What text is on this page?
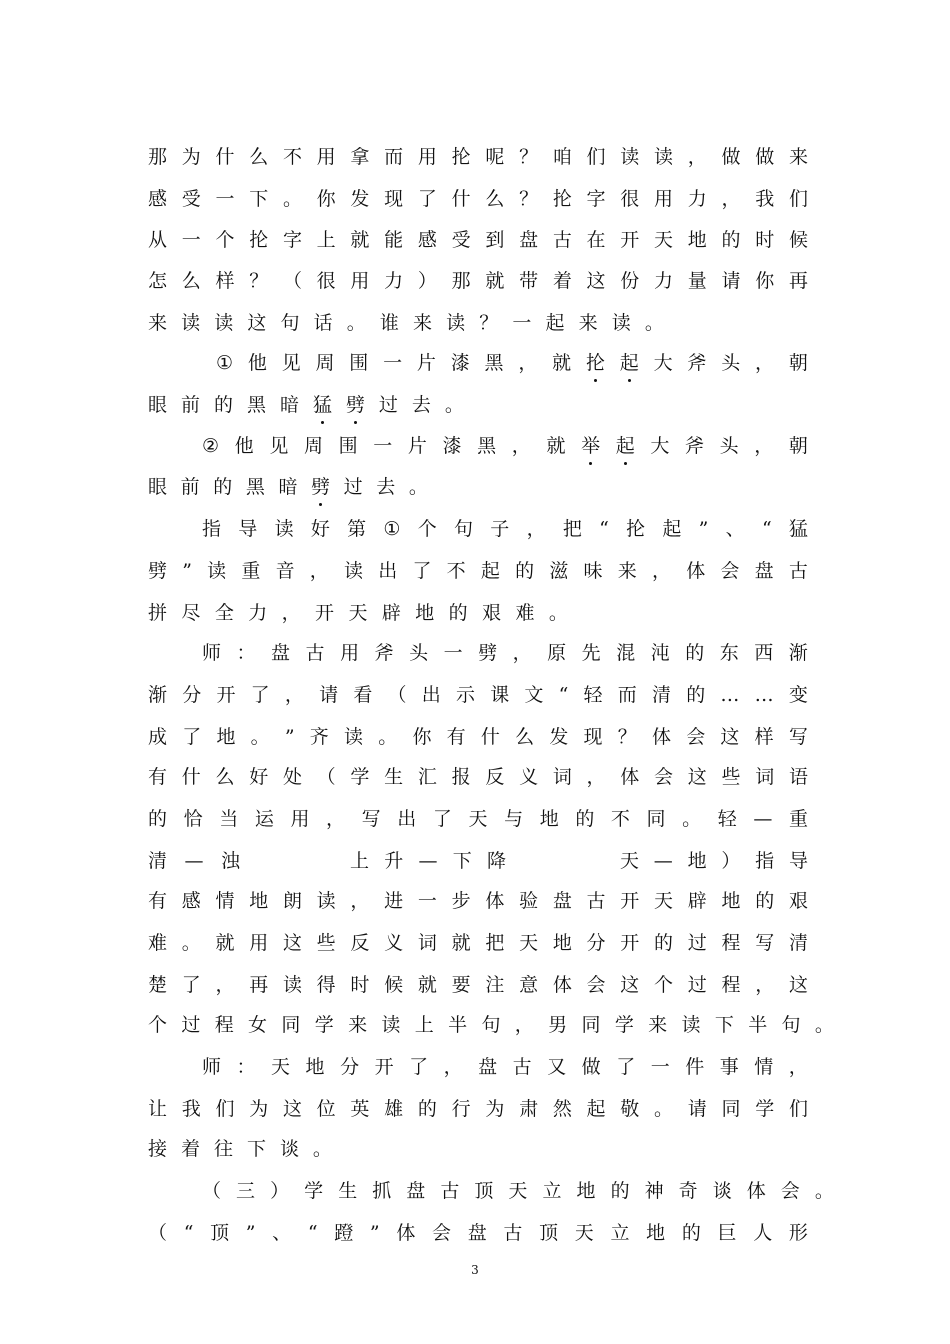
那 为 什 么 不 用 拿 而 用 抡 呢 ？ 咱 们 读 读 ， 做 做 来
感 受 一 下 。 你 发 现 了 什 么 ？ 抡 字 很 用 力 ， 我 们
从 一 个 抡 字 上 就 能 感 受 到 盘 古 在 开 天 地 的 时 候
怎 么 样 ？ （ 很 用 力 ） 那 就 带 着 这 份 力 量 请 你 再
来 读 读 这 句 话 。 谁 来 读 ？ 一 起 来 读 。
① 他 见 周 围 一 片 漆 黑 ， 就 抡 起 大 斧 头 ， 朝
眼 前 的 黑 暗 猛 劈 过 去 。
② 他 见 周 围 一 片 漆 黑 ， 就 举 起 大 斧 头 ， 朝
眼 前 的 黑 暗 劈 过 去 。
指 导 读 好 第 ① 个 句 子 ， 把 “ 抡 起 ” 、 “ 猛
劈 ” 读 重 音 ， 读 出 了 不 起 的 滋 味 来 ， 体 会 盘 古
拼 尽 全 力 ， 开 天 辟 地 的 艰 难 。
师 ： 盘 古 用 斧 头 一 劈 ， 原 先 混 沌 的 东 西 渐
渐 分 开 了 ， 请 看 （ 出 示 课 文 “ 轻 而 清 的 … … 变
成 了 地 。 ” 齐 读 。 你 有 什 么 发 现 ？ 体 会 这 样 写
有 什 么 好 处 （ 学 生 汇 报 反 义 词 ， 体 会 这 些 词 语
的 恰 当 运 用 ， 写 出 了 天 与 地 的 不 同 。 轻 — 重
有 感 情 地 朗 读 ， 进 一 步 体 验 盘 古 开 天 辟 地 的 艰
难 。 就 用 这 些 反 义 词 就 把 天 地 分 开 的 过 程 写 清
楚 了 ， 再 读 得 时 候 就 要 注 意 体 会 这 个 过 程 ， 这
个 过 程 女 同 学 来 读 上 半 句 ， 男 同 学 来 读 下 半 句 。
师 ： 天 地 分 开 了 ， 盘 古 又 做 了 一 件 事 情 ，
让 我 们 为 这 位 英 雄 的 行 为 肃 然 起 敬 。 请 同 学 们
接 着 往 下 谈 。
（ 三 ） 学 生 抓 盘 古 顶 天 立 地 的 神 奇 谈 体 会 。
（ “ 顶 ” 、 “ 蹬 ” 体 会 盘 古 顶 天 立 地 的 巨 人 形
清 — 浊	上 升 — 下 降	天 — 地 ） 指 导
3
